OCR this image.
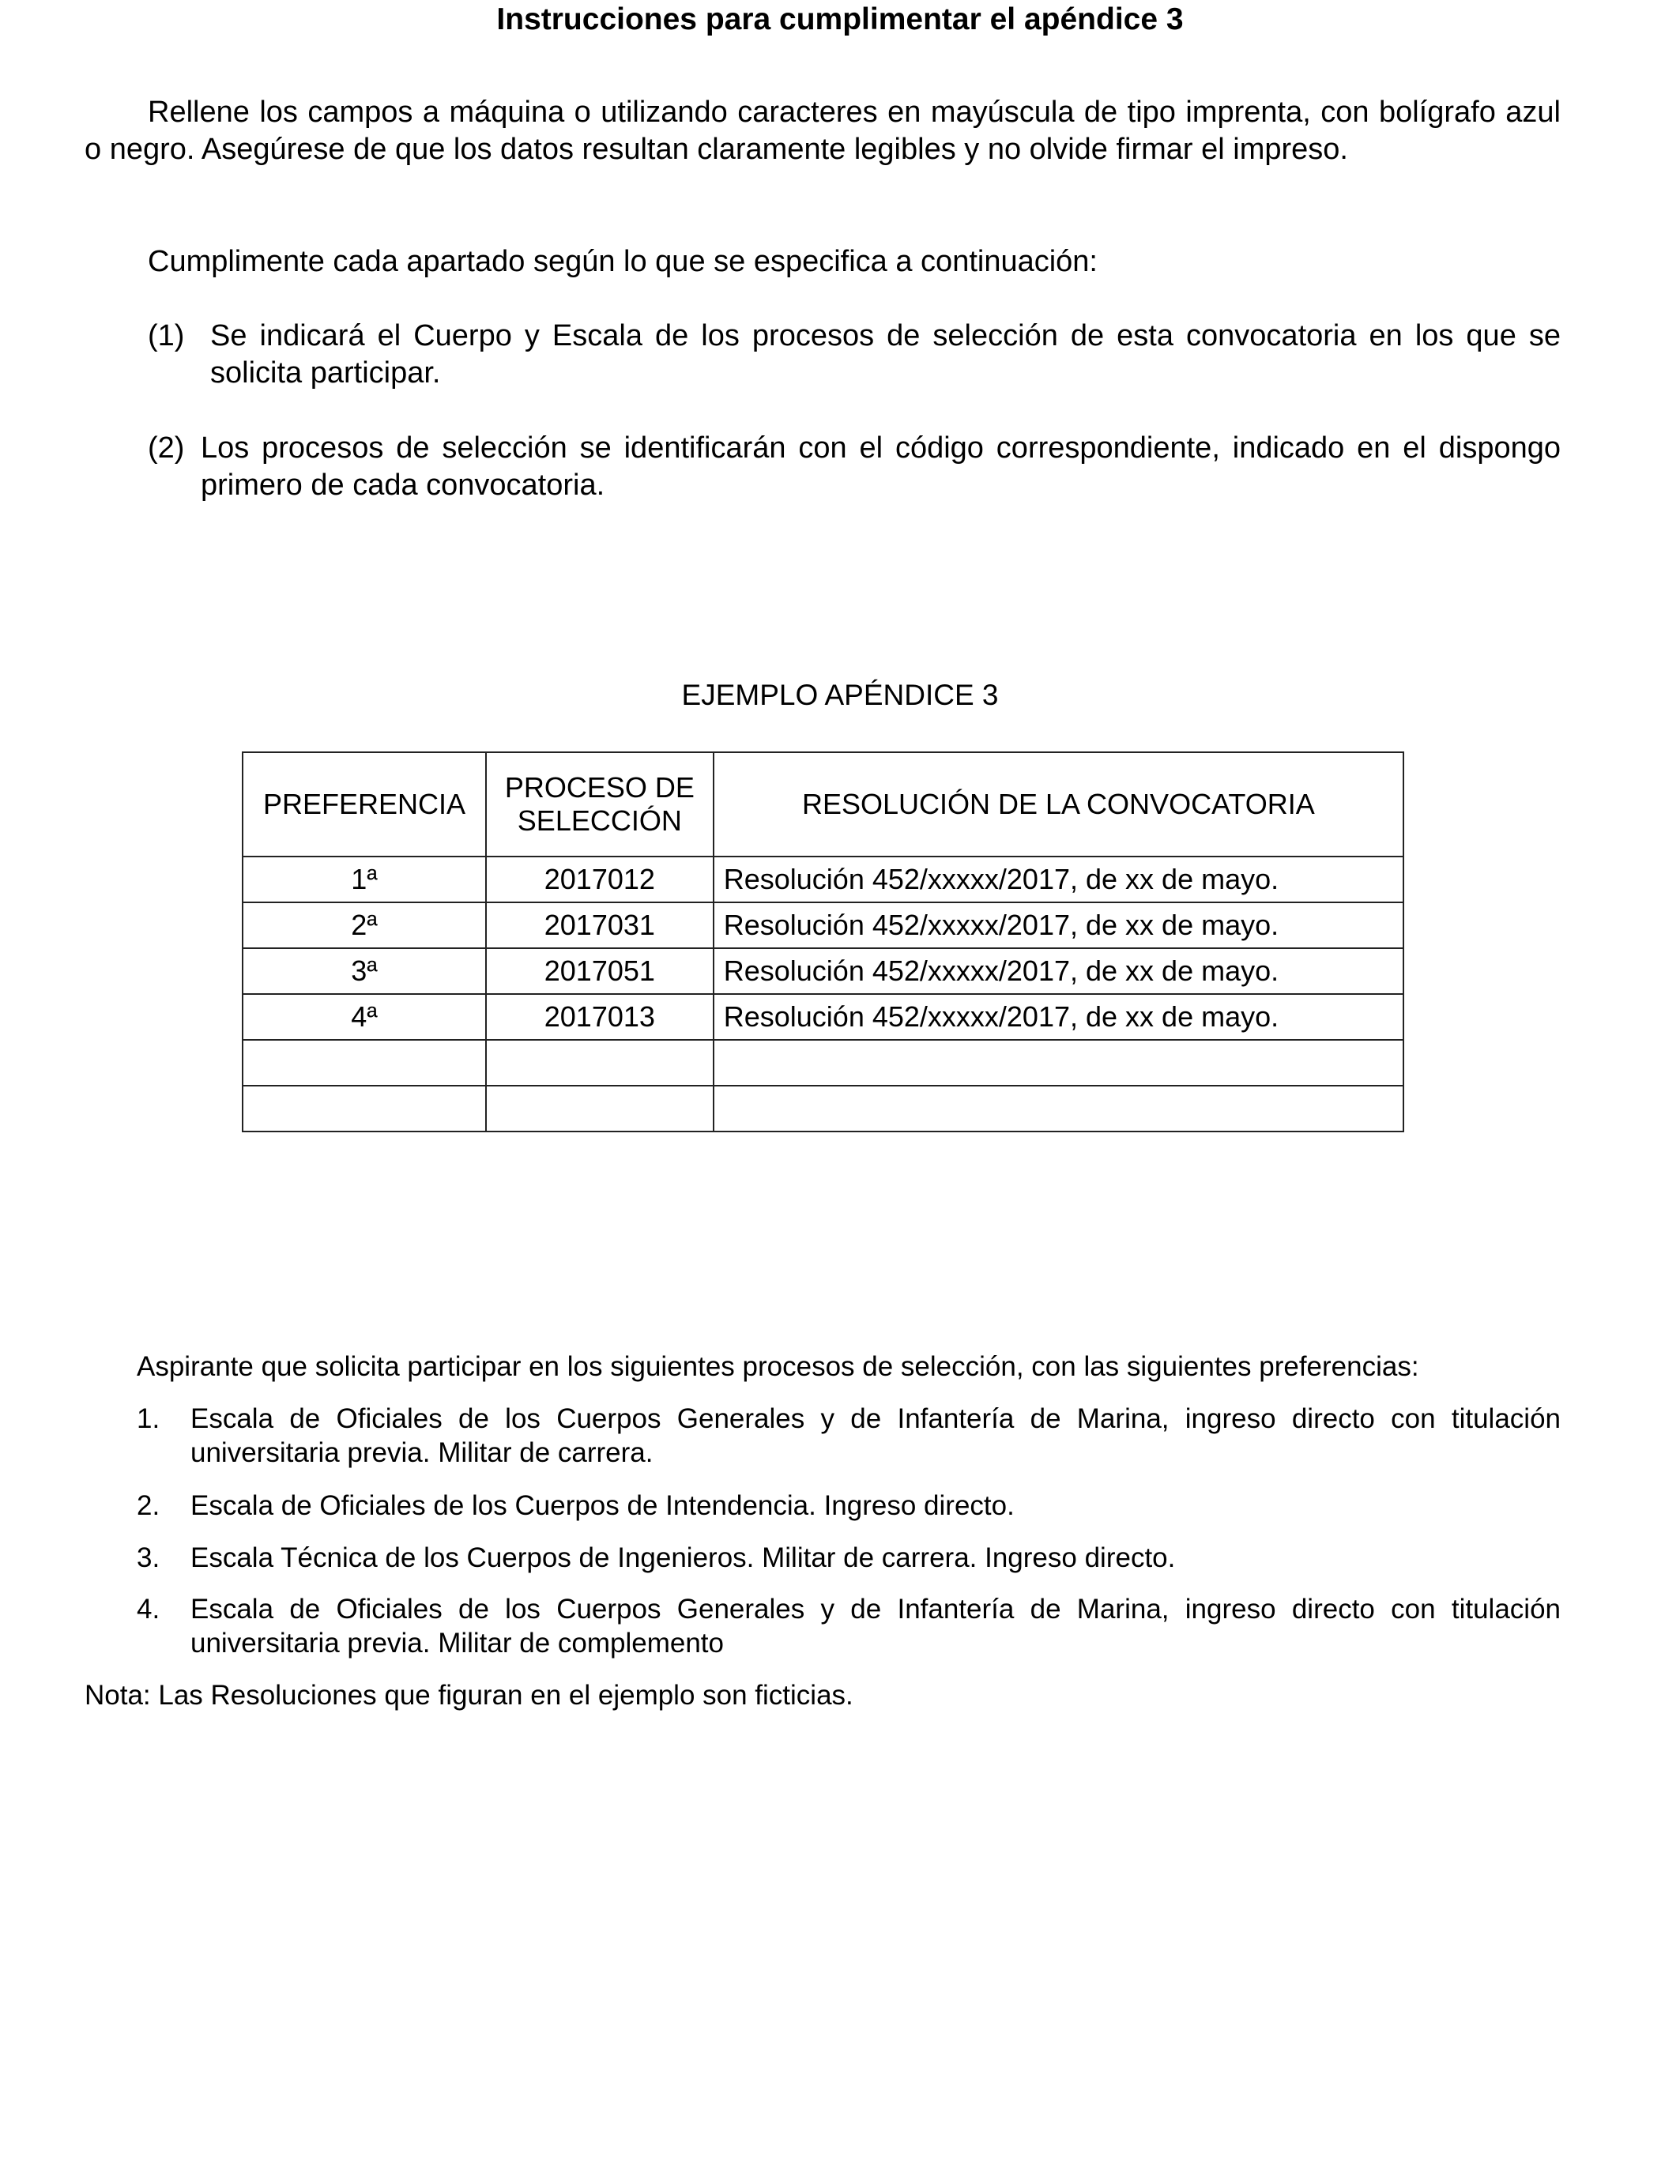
Instrucciones para cumplimentar el apéndice 3
Rellene los campos a máquina o utilizando caracteres en mayúscula de tipo imprenta, con bolígrafo azul o negro. Asegúrese de que los datos resultan claramente legibles y no olvide firmar el impreso.
Cumplimente cada apartado según lo que se especifica a continuación:
(1) Se indicará el Cuerpo y Escala de los procesos de selección de esta convocatoria en los que se solicita participar.
(2) Los procesos de selección se identificarán con el código correspondiente, indicado en el dispongo primero de cada convocatoria.
EJEMPLO APÉNDICE 3
PREFERENCIA	PROCESO DE SELECCIÓN	RESOLUCIÓN DE LA CONVOCATORIA
1ª	2017012	Resolución 452/xxxxx/2017, de xx de mayo.
2ª	2017031	Resolución 452/xxxxx/2017, de xx de mayo.
3ª	2017051	Resolución 452/xxxxx/2017, de xx de mayo.
4ª	2017013	Resolución 452/xxxxx/2017, de xx de mayo.

Aspirante que solicita participar en los siguientes procesos de selección, con las siguientes preferencias:
1. Escala de Oficiales de los Cuerpos Generales y de Infantería de Marina, ingreso directo con titulación universitaria previa. Militar de carrera.
2. Escala de Oficiales de los Cuerpos de Intendencia. Ingreso directo.
3. Escala Técnica de los Cuerpos de Ingenieros. Militar de carrera. Ingreso directo.
4. Escala de Oficiales de los Cuerpos Generales y de Infantería de Marina, ingreso directo con titulación universitaria previa. Militar de complemento
Nota: Las Resoluciones que figuran en el ejemplo son ficticias.
